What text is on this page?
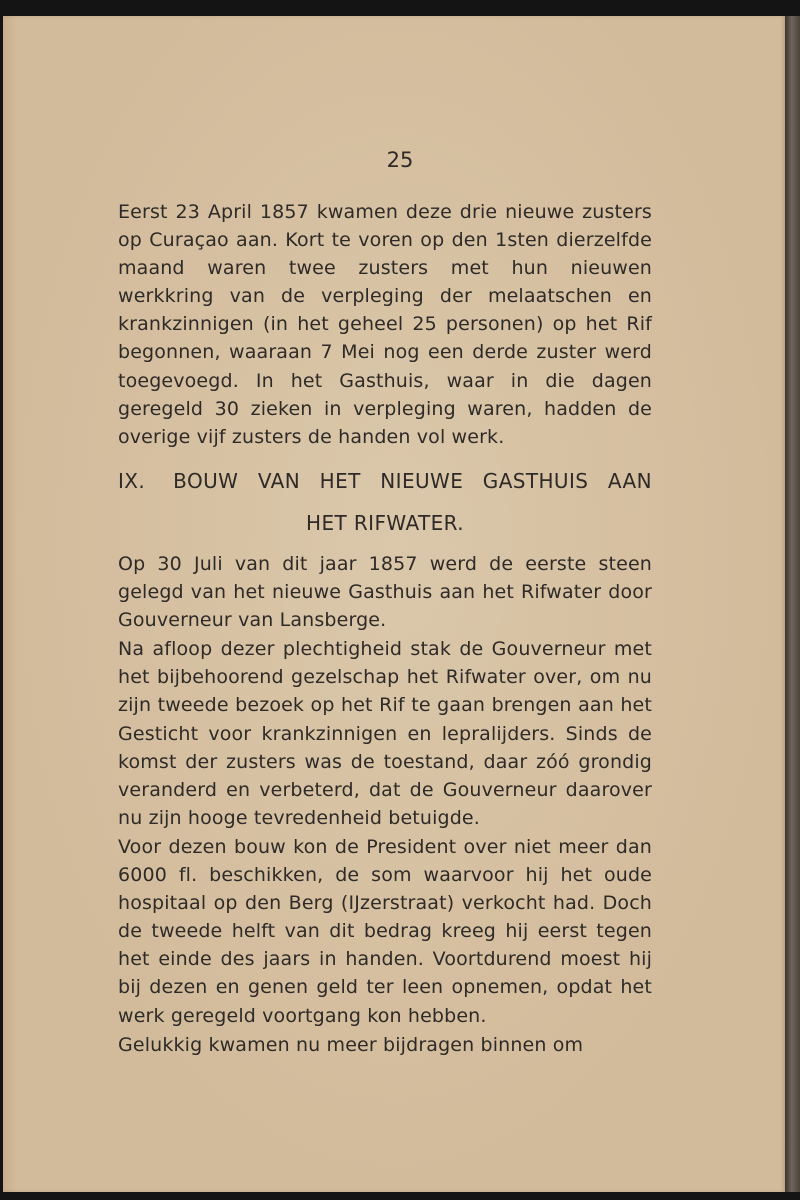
25

Eerst 23 April 1857 kwamen deze drie nieuwe zusters op Curaçao aan. Kort te voren op den 1sten dierzelfde maand waren twee zusters met hun nieuwen werkkring van de verpleging der melaatschen en krankzinnigen (in het geheel 25 personen) op het Rif begonnen, waaraan 7 Mei nog een derde zuster werd toegevoegd. In het Gasthuis, waar in die dagen geregeld 30 zieken in verpleging waren, hadden de overige vijf zusters de handen vol werk.

IX. BOUW VAN HET NIEUWE GASTHUIS AAN
HET RIFWATER.

Op 30 Juli van dit jaar 1857 werd de eerste steen gelegd van het nieuwe Gasthuis aan het Rifwater door Gouverneur van Lansberge.

Na afloop dezer plechtigheid stak de Gouverneur met het bijbehoorend gezelschap het Rifwater over, om nu zijn tweede bezoek op het Rif te gaan brengen aan het Gesticht voor krankzinnigen en lepralijders. Sinds de komst der zusters was de toestand, daar zóó grondig veranderd en verbeterd, dat de Gouverneur daarover nu zijn hooge tevredenheid betuigde.

Voor dezen bouw kon de President over niet meer dan 6000 fl. beschikken, de som waarvoor hij het oude hospitaal op den Berg (IJzerstraat) verkocht had. Doch de tweede helft van dit bedrag kreeg hij eerst tegen het einde des jaars in handen. Voortdurend moest hij bij dezen en genen geld ter leen opnemen, opdat het werk geregeld voortgang kon hebben.

Gelukkig kwamen nu meer bijdragen binnen om
